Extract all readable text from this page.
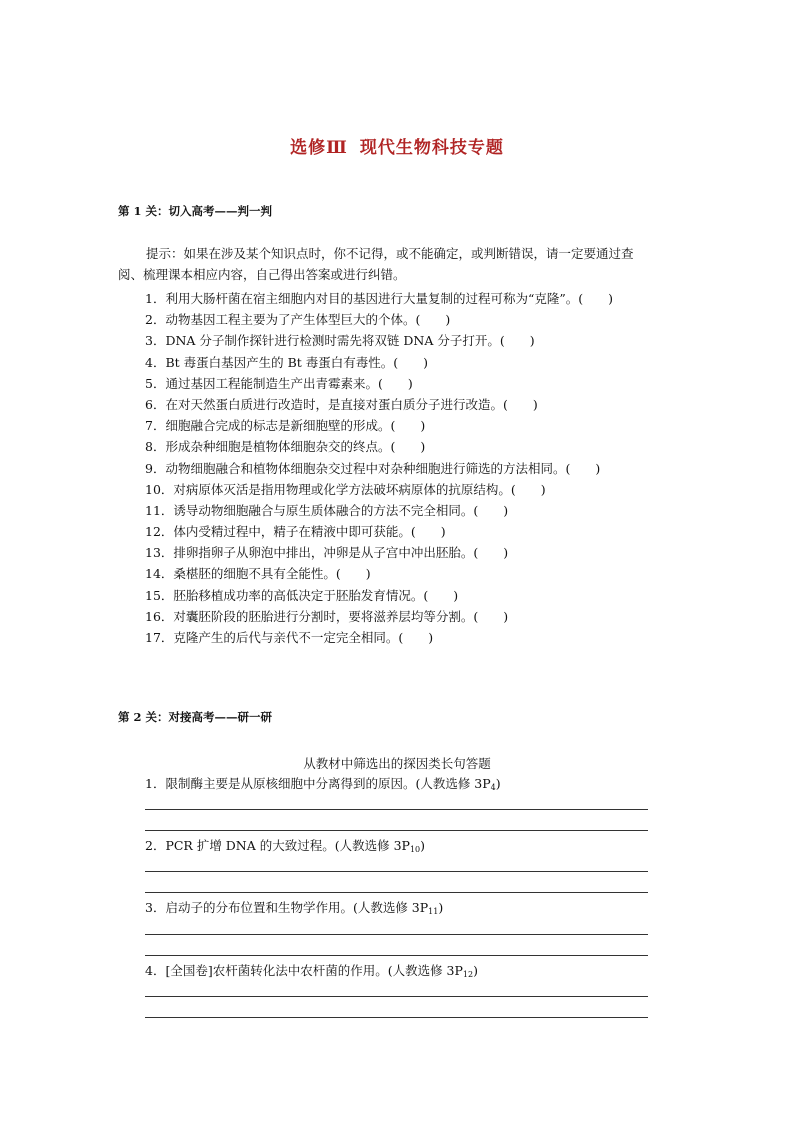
选修Ⅲ 现代生物科技专题
第 1 关：切入高考——判一判
提示：如果在涉及某个知识点时，你不记得，或不能确定，或判断错误，请一定要通过查阅、梳理课本相应内容，自己得出答案或进行纠错。
1．利用大肠杆菌在宿主细胞内对目的基因进行大量复制的过程可称为“克隆”。(　　)
2．动物基因工程主要为了产生体型巨大的个体。(　　)
3．DNA 分子制作探针进行检测时需先将双链 DNA 分子打开。(　　)
4．Bt 毒蛋白基因产生的 Bt 毒蛋白有毒性。(　　)
5．通过基因工程能制造生产出青霉素来。(　　)
6．在对天然蛋白质进行改造时，是直接对蛋白质分子进行改造。(　　)
7．细胞融合完成的标志是新细胞壁的形成。(　　)
8．形成杂种细胞是植物体细胞杂交的终点。(　　)
9．动物细胞融合和植物体细胞杂交过程中对杂种细胞进行筛选的方法相同。(　　)
10．对病原体灭活是指用物理或化学方法破坏病原体的抗原结构。(　　)
11．诱导动物细胞融合与原生质体融合的方法不完全相同。(　　)
12．体内受精过程中，精子在精液中即可获能。(　　)
13．排卵指卵子从卵泡中排出，冲卵是从子宫中冲出胚胎。(　　)
14．桑椹胚的细胞不具有全能性。(　　)
15．胚胎移植成功率的高低决定于胚胎发育情况。(　　)
16．对囊胚阶段的胚胎进行分割时，要将滋养层均等分割。(　　)
17．克隆产生的后代与亲代不一定完全相同。(　　)
第 2 关：对接高考——研一研
从教材中筛选出的探因类长句答题
1．限制酶主要是从原核细胞中分离得到的原因。(人教选修 $3P_4$)
2．PCR 扩增 DNA 的大致过程。(人教选修 $3P_{10}$)
3．启动子的分布位置和生物学作用。(人教选修 $3P_{11}$)
4．[全国卷]农杆菌转化法中农杆菌的作用。(人教选修 $3P_{12}$)
